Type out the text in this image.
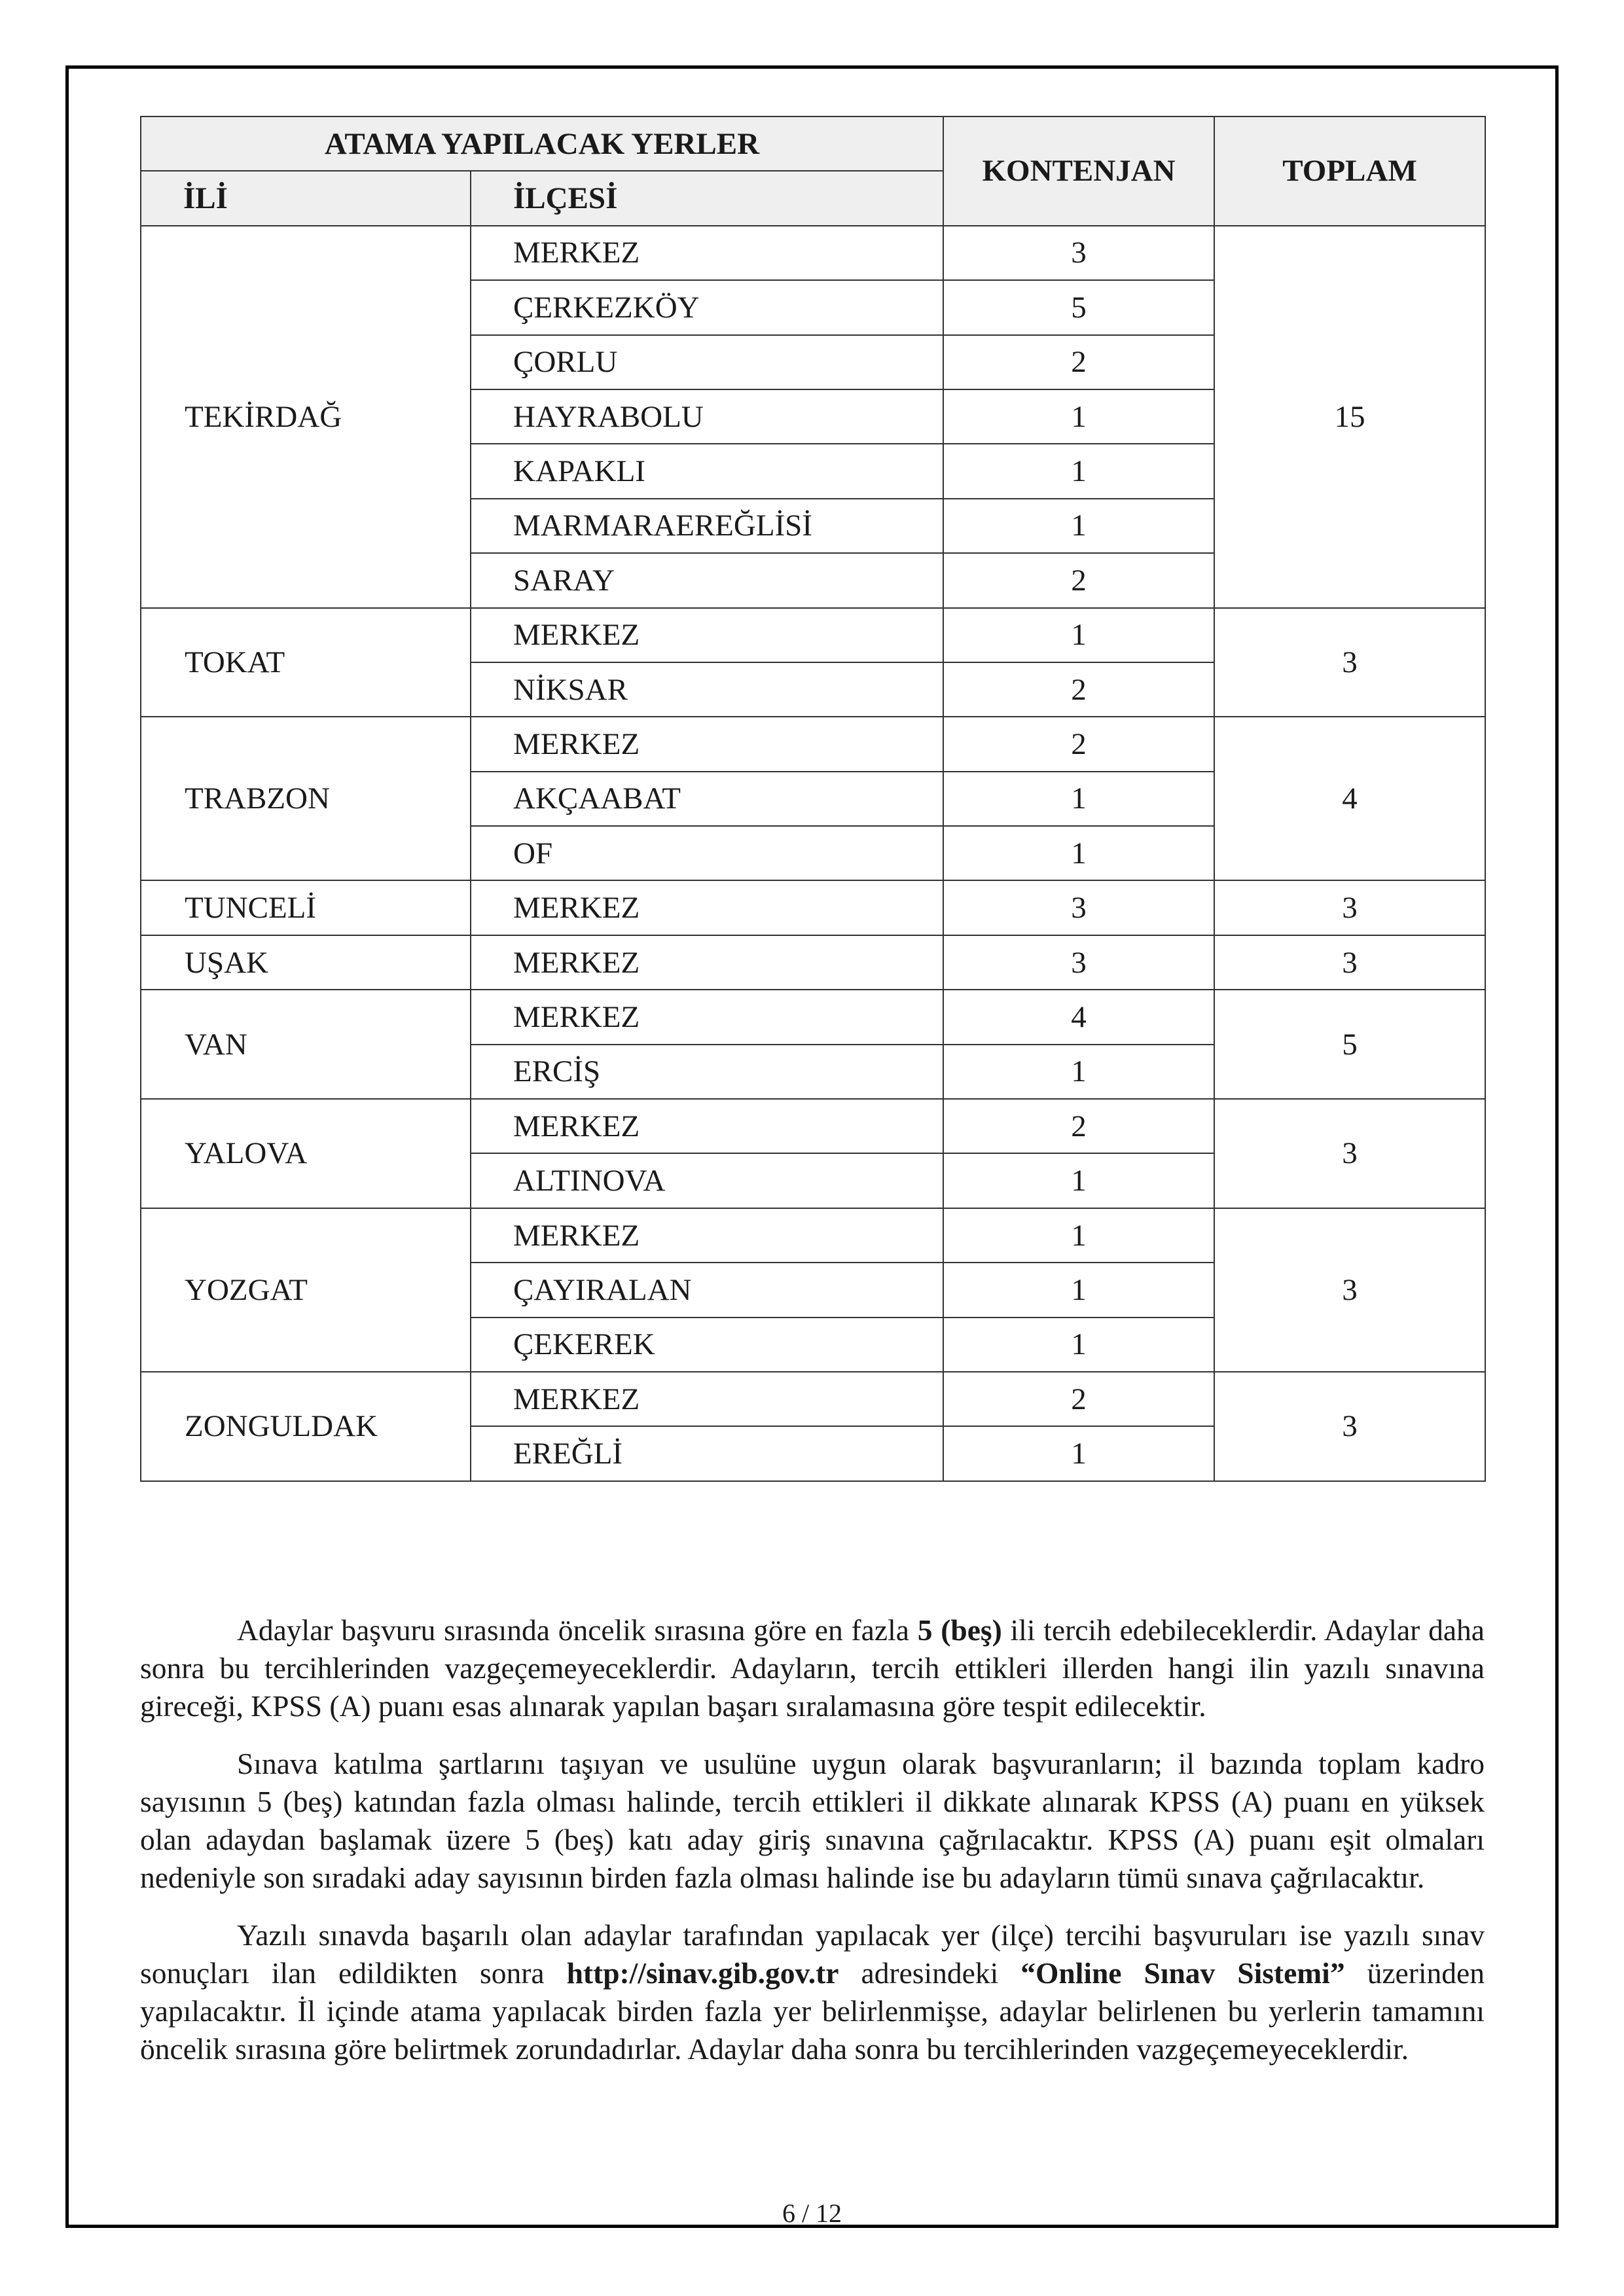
ATAMA YAPILACAK YERLER		KONTENJAN	TOPLAM
İLİ	İLÇESİ		
TEKİRDAĞ	MERKEZ	3	15
	ÇERKEZKÖY	5	
	ÇORLU	2	
	HAYRABOLU	1	
	KAPAKLI	1	
	MARMARAEREĞLİSİ	1	
	SARAY	2	
TOKAT	MERKEZ	1	3
	NİKSAR	2	
TRABZON	MERKEZ	2	4
	AKÇAABAT	1	
	OF	1	
TUNCELİ	MERKEZ	3	3
UŞAK	MERKEZ	3	3
VAN	MERKEZ	4	5
	ERCİŞ	1	
YALOVA	MERKEZ	2	3
	ALTINOVA	1	
YOZGAT	MERKEZ	1	3
	ÇAYIRALAN	1	
	ÇEKEREK	1	
ZONGULDAK	MERKEZ	2	3
	EREĞLİ	1	

Adaylar başvuru sırasında öncelik sırasına göre en fazla 5 (beş) ili tercih edebileceklerdir. Adaylar daha sonra bu tercihlerinden vazgeçemeyeceklerdir. Adayların, tercih ettikleri illerden hangi ilin yazılı sınavına gireceği, KPSS (A) puanı esas alınarak yapılan başarı sıralamasına göre tespit edilecektir.

Sınava katılma şartlarını taşıyan ve usulüne uygun olarak başvuranların; il bazında toplam kadro sayısının 5 (beş) katından fazla olması halinde, tercih ettikleri il dikkate alınarak KPSS (A) puanı en yüksek olan adaydan başlamak üzere 5 (beş) katı aday giriş sınavına çağrılacaktır. KPSS (A) puanı eşit olmaları nedeniyle son sıradaki aday sayısının birden fazla olması halinde ise bu adayların tümü sınava çağrılacaktır.

Yazılı sınavda başarılı olan adaylar tarafından yapılacak yer (ilçe) tercihi başvuruları ise yazılı sınav sonuçları ilan edildikten sonra http://sinav.gib.gov.tr adresindeki “Online Sınav Sistemi” üzerinden yapılacaktır. İl içinde atama yapılacak birden fazla yer belirlenmişse, adaylar belirlenen bu yerlerin tamamını öncelik sırasına göre belirtmek zorundadırlar. Adaylar daha sonra bu tercihlerinden vazgeçemeyeceklerdir.

6 / 12
